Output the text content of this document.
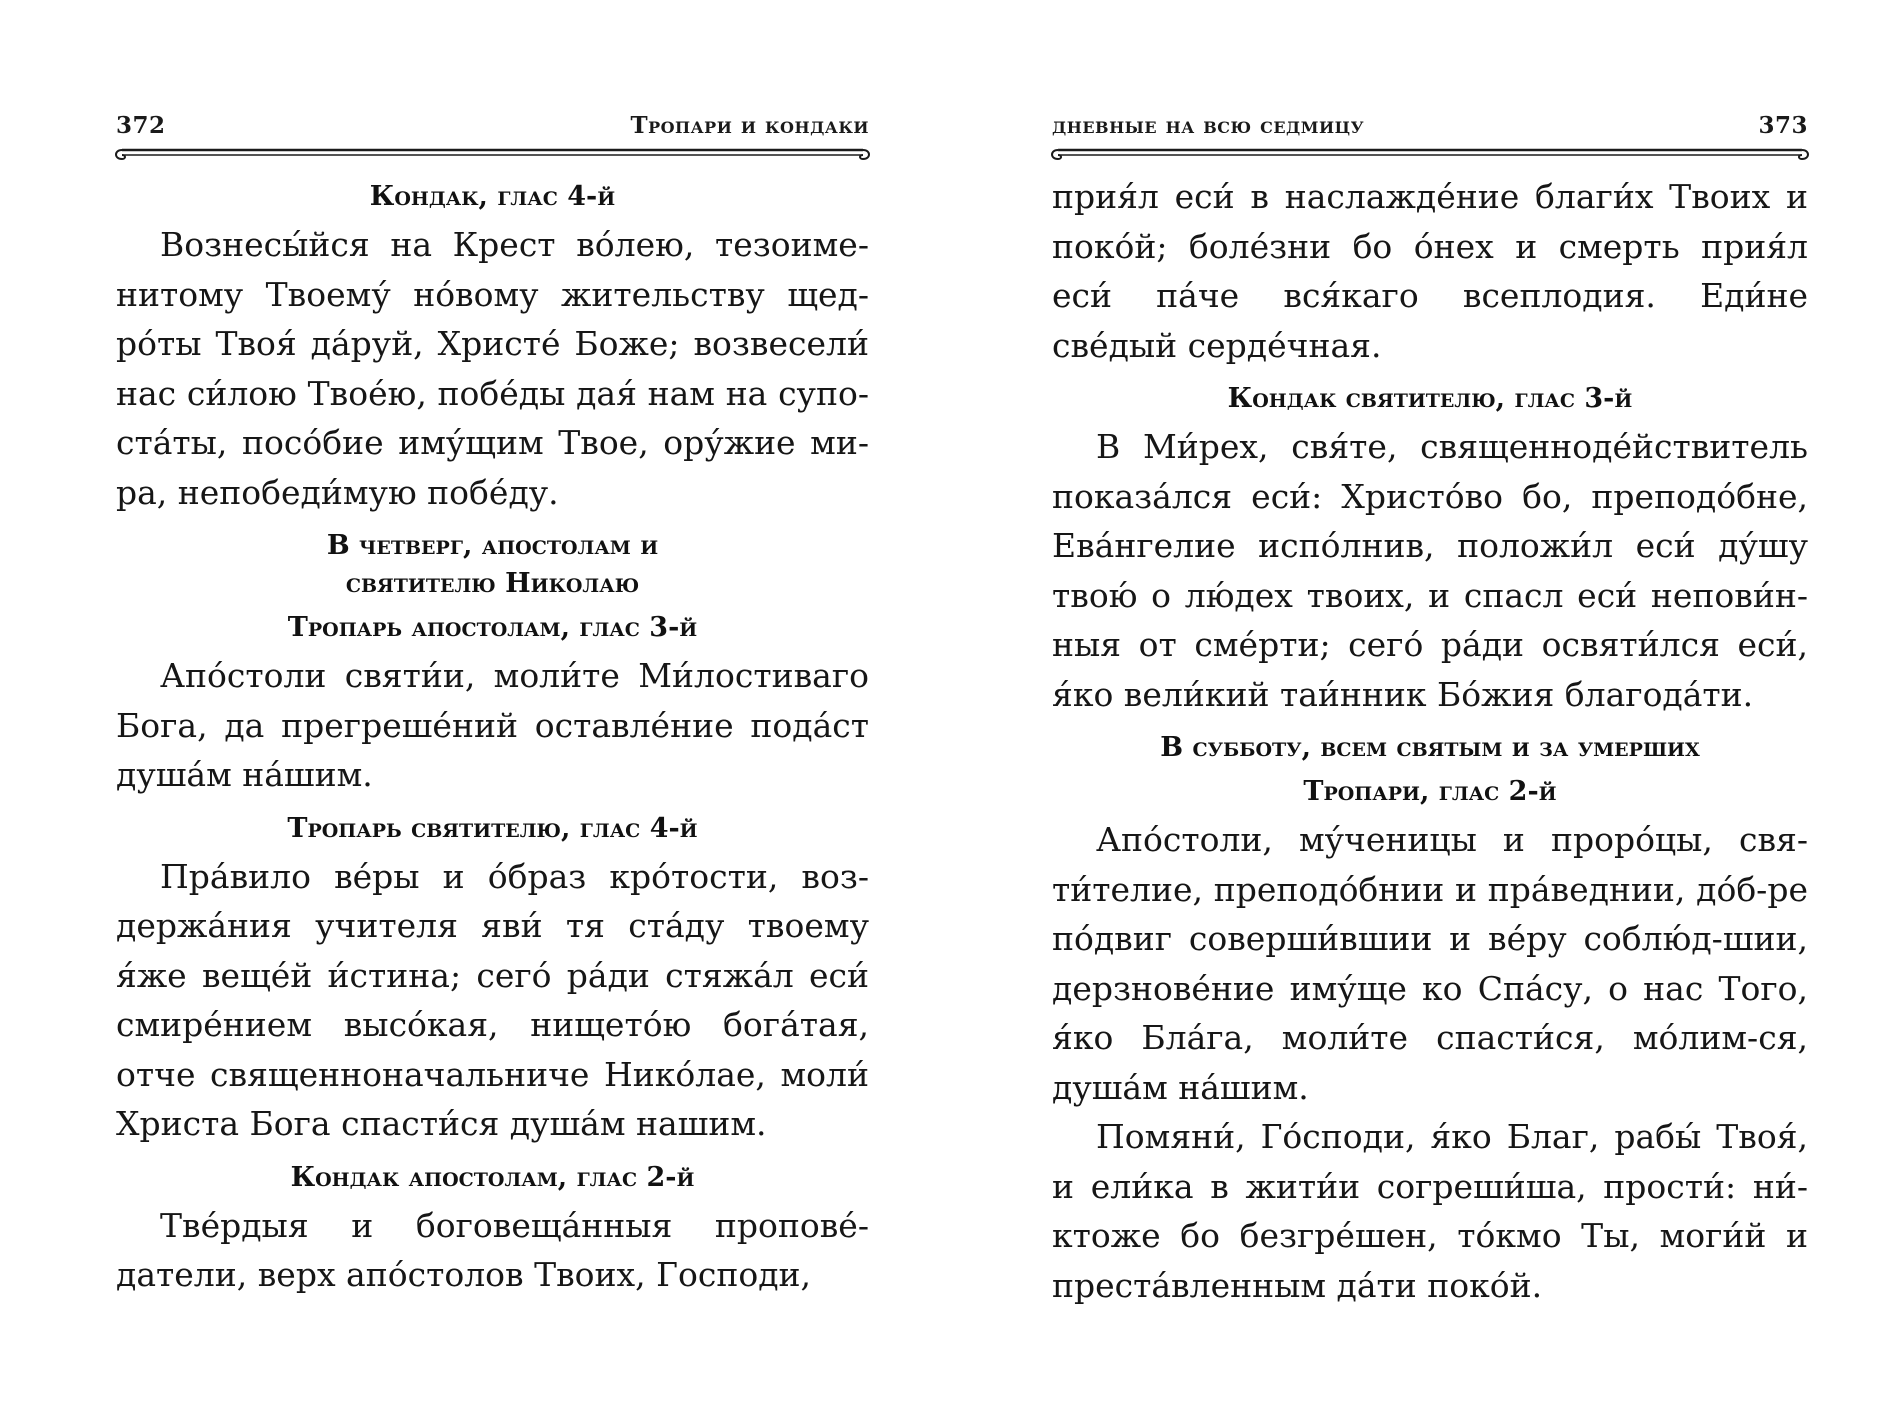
372	Тропари и кондаки
Кондак, глас 4-й

Вознесы́йся на Крест во́лею, тезоиме-нитому Твоему́ но́вому жительству щед-ро́ты Твоя́ да́руй, Христе́ Боже; возвесели́ нас си́лою Твое́ю, побе́ды дая́ нам на супо-ста́ты, посо́бие иму́щим Твое, ору́жие ми-ра, непобеди́мую побе́ду.

В четверг, апостолам и святителю Николаю
Тропарь апостолам, глас 3-й

Апо́столи святи́и, моли́те Ми́лостиваго Бога, да прегреше́ний оставле́ние пода́ст душа́м на́шим.

Тропарь святителю, глас 4-й

Пра́вило ве́ры и о́браз кро́тости, воз-держа́ния учителя яви́ тя ста́ду твоему я́же веще́й и́стина; сего́ ра́ди стяжа́л еси́ смире́нием высо́кая, нището́ю бога́тая, отче священноначальниче Нико́лае, моли́ Христа Бога спасти́ся душа́м нашим.

Кондак апостолам, глас 2-й

Тве́рдыя и боговеща́нныя пропове́-датели, верх апо́столов Твоих, Господи,

дневные на всю седмицу	373

прия́л еси́ в наслажде́ние благи́х Твоих и поко́й; боле́зни бо о́нех и смерть прия́л еси́ па́че вся́каго всеплодия. Еди́не све́дый серде́чная.

Кондак святителю, глас 3-й

В Ми́рех, свя́те, священноде́йствитель показа́лся еси́: Христо́во бо, преподо́бне, Ева́нгелие испо́лнив, положи́л еси́ ду́шу твою́ о лю́дех твоих, и спасл еси́ непови́н-ныя от сме́рти; сего́ ра́ди освяти́лся еси́, я́ко вели́кий таи́нник Бо́жия благода́ти.

В субботу, всем святым и за умерших
Тропари, глас 2-й

Апо́столи, му́ченицы и проро́цы, свя-ти́телие, преподо́бнии и пра́веднии, до́б-ре по́двиг соверши́вшии и ве́ру соблю́д-шии, дерзнове́ние иму́ще ко Спа́су, о нас Того, я́ко Бла́га, моли́те спасти́ся, мо́лим-ся, душа́м на́шим.

Помяни́, Го́споди, я́ко Благ, рабы́ Твоя́, и ели́ка в жити́и согреши́ша, прости́: ни́-ктоже бо безгре́шен, то́кмо Ты, моги́й и преста́вленным да́ти поко́й.
